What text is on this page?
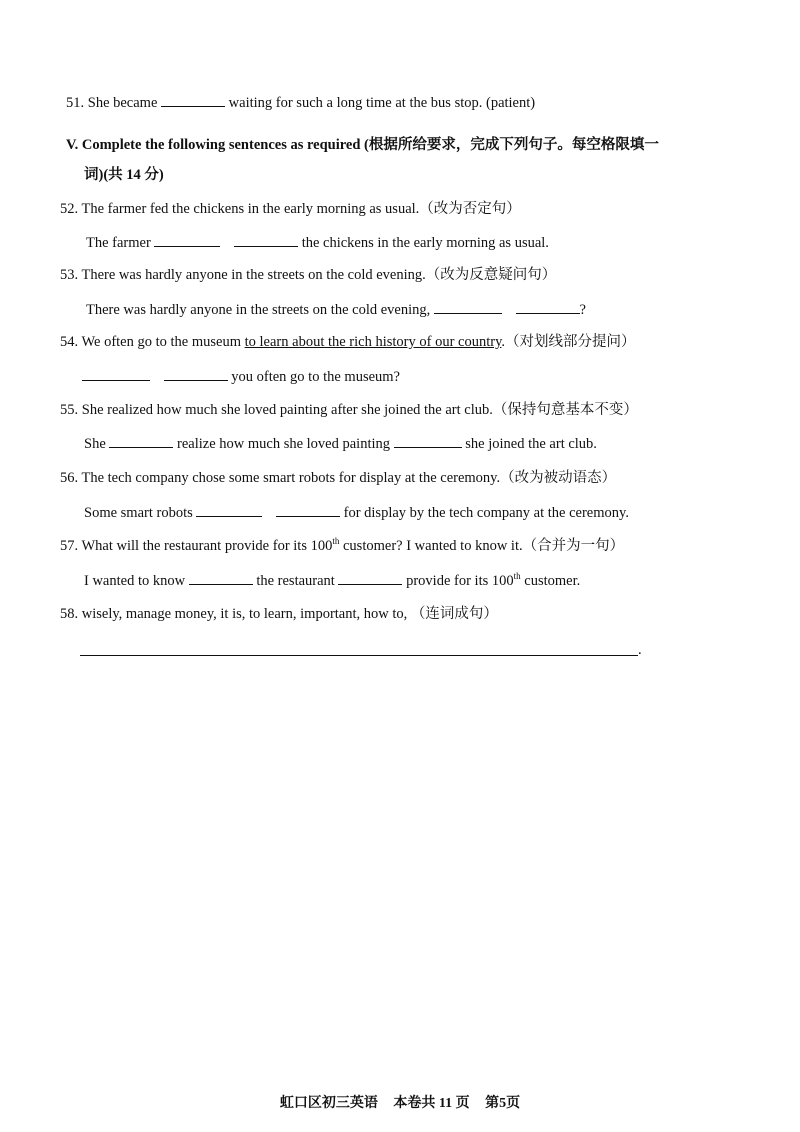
51. She became	waiting for such a long time at the bus stop. (patient)
V. Complete the following sentences as required (根据所给要求，完成下列句子。每空格限填一
词)(共 14 分)
52. The farmer fed the chickens in the early morning as usual.（改为否定句）
The farmer	the chickens in the early morning as usual.
53. There was hardly anyone in the streets on the cold evening.（改为反意疑问句）
There was hardly anyone in the streets on the cold evening,	?
54. We often go to the museum to learn about the rich history of our country.（对划线部分提问）
you often go to the museum?
55. She realized how much she loved painting after she joined the art club.（保持句意基本不变）
She	realize how much she loved painting	she joined the art club.
56. The tech company chose some smart robots for display at the ceremony.（改为被动语态）
Some smart robots	for display by the tech company at the ceremony.
57. What will the restaurant provide for its 100th customer? I wanted to know it.（合并为一句）
I wanted to know	the restaurant	provide for its 100th customer.
58. wisely, manage money, it is, to learn, important, how to, （连词成句）
.
虹口区初三英语 本卷共 11 页 第5页
